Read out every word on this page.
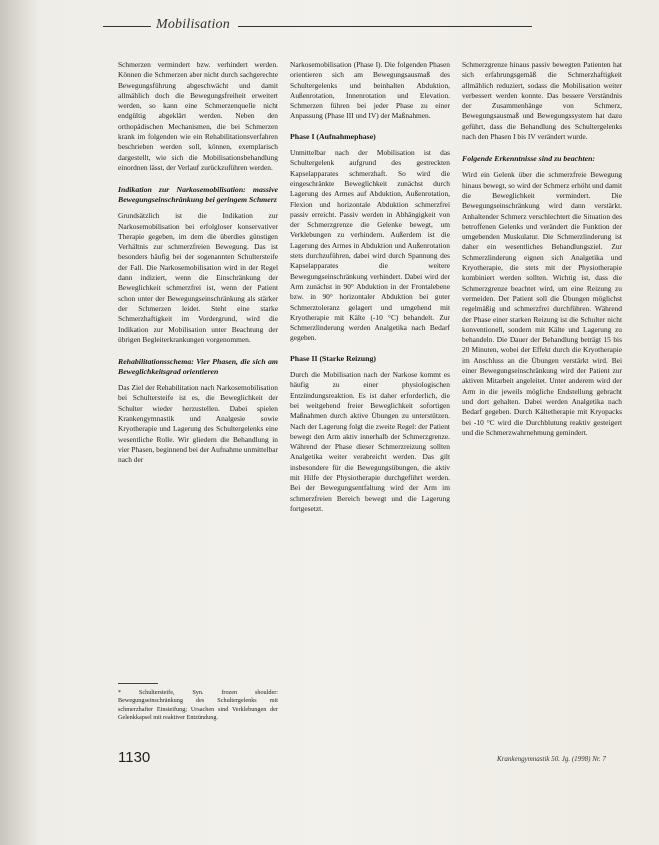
Mobilisation

Schmerzen vermindert bzw. verhindert werden. Können die Schmerzen aber nicht durch sachgerechte Bewegungsführung abgeschwächt und damit allmählich doch die Bewegungsfreiheit erweitert werden, so kann eine Schmerzenquelle nicht endgültig abgeklärt werden. Neben den orthopädischen Mechanismen, die bei Schmerzen krank im folgenden wie ein Rehabilitationsverfahren beschrieben werden soll, können, exemplarisch dargestellt, wie sich die Mobilisationsbehandlung einordnen lässt, der Verlauf zurückzuführen werden.

Indikation zur Narkosemobilisation: massive Bewegungseinschränkung bei geringem Schmerz

Grundsätzlich ist die Indikation zur Narkosemobilisation bei erfolgloser konservativer Therapie gegeben, im dem die überdies günstigen Verhältnis zur schmerzfreien Bewegung. Das ist besonders häufig bei der sogenannten Schultersteife der Fall. Die Narkosemobilisation wird in der Regel dann indiziert, wenn die Einschränkung der Beweglichkeit schmerzfrei ist, wenn der Patient schon unter der Bewegungseinschränkung als stärker der Schmerzen leidet. Steht eine starke Schmerzhaftigkeit im Vordergrund, wird die Indikation zur Mobilisation unter Beachtung der übrigen Begleiterkrankungen vorgenommen.

Rehabilitationsschema: Vier Phasen, die sich am Beweglichkeitsgrad orientieren

Das Ziel der Rehabilitation nach Narkosemobilisation bei Schultersteife ist es, die Beweglichkeit der Schulter wieder herzustellen. Dabei spielen Krankengymnastik und Analgesie sowie Kryotherapie und Lagerung des Schultergelenks eine wesentliche Rolle. Wir gliedern die Behandlung in vier Phasen, beginnend bei der Aufnahme unmittelbar nach der

Narkosemobilisation (Phase I). Die folgenden Phasen orientieren sich am Bewegungsausmaß des Schultergelenks und beinhalten Abduktion, Außenrotation, Innenrotation und Elevation. Schmerzen führen bei jeder Phase zu einer Anpassung (Phase III und IV) der Maßnahmen.

Phase I (Aufnahmephase)

Unmittelbar nach der Mobilisation ist das Schultergelenk aufgrund des gestreckten Kapselapparates schmerzhaft. So wird die eingeschränkte Beweglichkeit zunächst durch Lagerung des Armes auf Abduktion, Außenrotation, Flexion und horizontale Abduktion schmerzfrei passiv erreicht. Passiv werden in Abhängigkeit von der Schmerzgrenze die Gelenke bewegt, um Verklebungen zu verhindern. Außerdem ist die Lagerung des Armes in Abduktion und Außenrotation stets durchzuführen, dabei wird durch Spannung des Kapselapparates die weitere Bewegungseinschränkung verhindert. Dabei wird der Arm zunächst in 90° Abduktion in der Frontalebene bzw. in 90° horizontaler Abduktion bei guter Schmerztoleranz gelagert und umgehend mit Kryotherapie mit Kälte (-10 °C) behandelt. Zur Schmerzlinderung werden Analgetika nach Bedarf gegeben.

Phase II (Starke Reizung)

Durch die Mobilisation nach der Narkose kommt es häufig zu einer physiologischen Entzündungsreaktion. Es ist daher erforderlich, die bei weitgehend freier Beweglichkeit sofortigen Maßnahmen durch aktive Übungen zu unterstützen. Nach der Lagerung folgt die zweite Regel: der Patient bewegt den Arm aktiv innerhalb der Schmerzgrenze. Während der Phase dieser Schmerzreizung sollten Analgetika weiter verabreicht werden. Das gilt insbesondere für die Bewegungsübungen, die aktiv mit Hilfe der Physiotherapie durchgeführt werden. Bei der Bewegungsentfaltung wird der Arm im schmerzfreien Bereich bewegt und die Lagerung fortgesetzt.

Schmerzgrenze hinaus passiv bewegten Patienten hat sich erfahrungsgemäß die Schmerzhaftigkeit allmählich reduziert, sodass die Mobilisation weiter verbessert werden konnte. Das bessere Verständnis der Zusammenhänge von Schmerz, Bewegungsausmaß und Bewegungssystem hat dazu geführt, dass die Behandlung des Schultergelenks nach den Phasen I bis IV verändert wurde.

Folgende Erkenntnisse sind zu beachten:

Wird ein Gelenk über die schmerzfreie Bewegung hinaus bewegt, so wird der Schmerz erhöht und damit die Beweglichkeit vermindert. Die Bewegungseinschränkung wird dann verstärkt. Anhaltender Schmerz verschlechtert die Situation des betroffenen Gelenks und verändert die Funktion der umgebenden Muskulatur. Die Schmerzlinderung ist daher ein wesentliches Behandlungsziel. Zur Schmerzlinderung eignen sich Analgetika und Kryotherapie, die stets mit der Physiotherapie kombiniert werden sollten. Wichtig ist, dass die Schmerzgrenze beachtet wird, um eine Reizung zu vermeiden. Der Patient soll die Übungen möglichst regelmäßig und schmerzfrei durchführen. Während der Phase einer starken Reizung ist die Schulter nicht konventionell, sondern mit Kälte und Lagerung zu behandeln. Die Dauer der Behandlung beträgt 15 bis 20 Minuten, wobei der Effekt durch die Kryotherapie im Anschluss an die Übungen verstärkt wird. Bei einer Bewegungseinschränkung wird der Patient zur aktiven Mitarbeit angeleitet. Unter anderem wird der Arm in die jeweils mögliche Endstellung gebracht und dort gehalten. Dabei werden Analgetika nach Bedarf gegeben. Durch Kältetherapie mit Kryopacks bei -10 °C wird die Durchblutung reaktiv gesteigert und die Schmerzwahrnehmung gemindert.

* Schultersteife, Syn. frozen shoulder: Bewegungseinschränkung des Schultergelenks mit schmerzhafter Einsteifung; Ursachen sind Verklebungen der Gelenkkapsel mit reaktiver Entzündung.
1130	Krankengymnastik 50. Jg. (1998) Nr. 7
